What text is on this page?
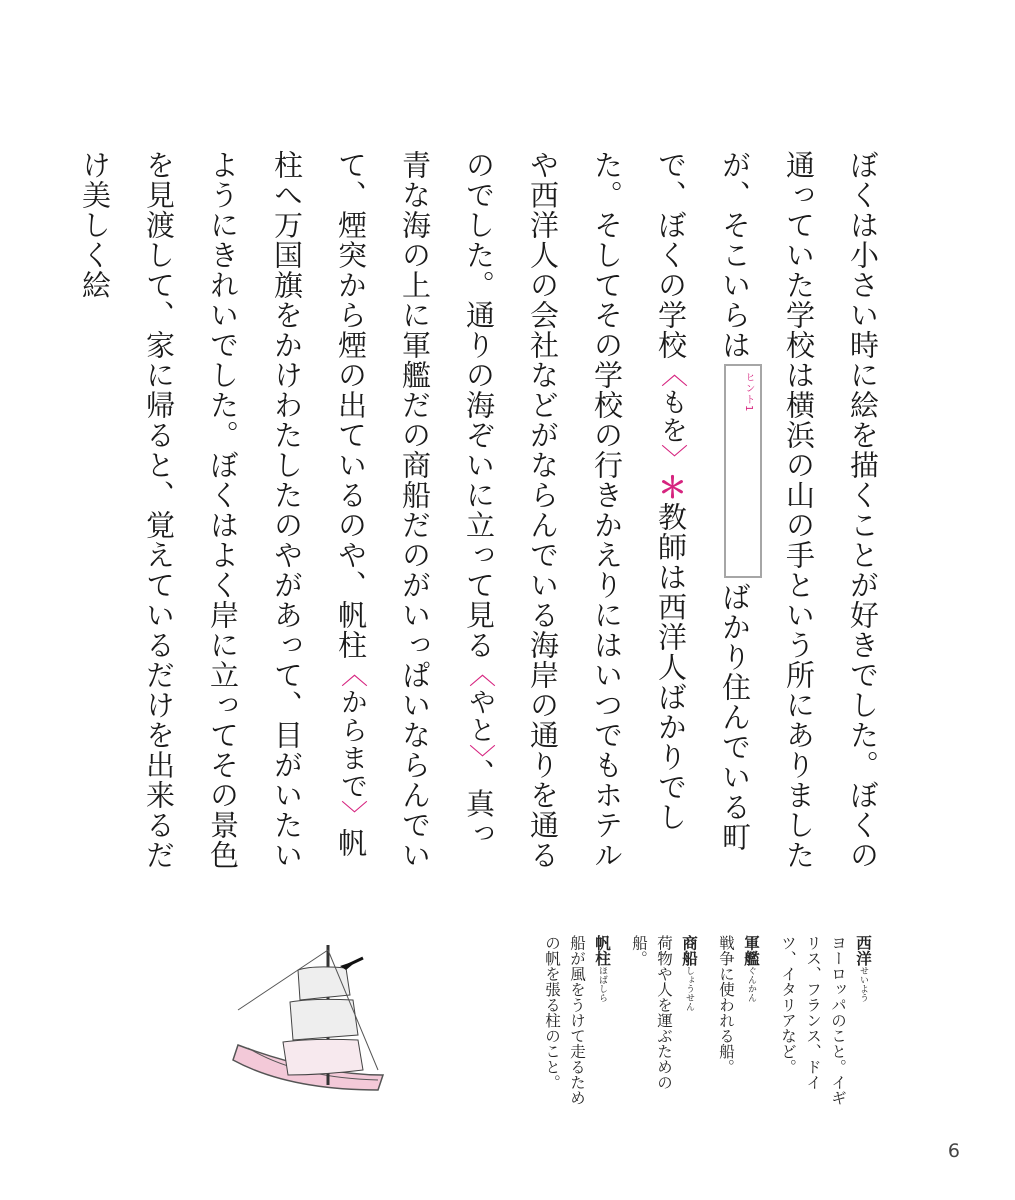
ぼくは小さい時に絵を描くことが好きでした。ぼくの通っていた学校は横浜の山の手という所にありましたが、そこいらは
ヒント1
ばかり住んでいる町で、ぼくの学校〈もを〉＊教師は西洋人ばかりでした。そしてその学校の行きかえりにはいつでもホテルや西洋人の会社などがならんでいる海岸の通りを通るのでした。通りの海ぞいに立って見る〈やと〉、真っ青な海の上に軍艦だの商船だのがいっぱいならんでいて、煙突から煙の出ているのや、帆柱〈からまで〉帆柱へ万国旗をかけわたしたのやがあって、目がいたいようにきれいでした。ぼくはよく岸に立ってその景色を見渡して、家に帰ると、覚えているだけを出来るだけ美しく絵

西洋せいよう
ヨーロッパのこと。イギリス、フランス、ドイツ、イタリアなど。
軍艦ぐんかん
戦争に使われる船。
商船しょうせん
荷物や人を運ぶための船。
帆柱ほばしら
船が風をうけて走るための帆を張る柱のこと。
6
